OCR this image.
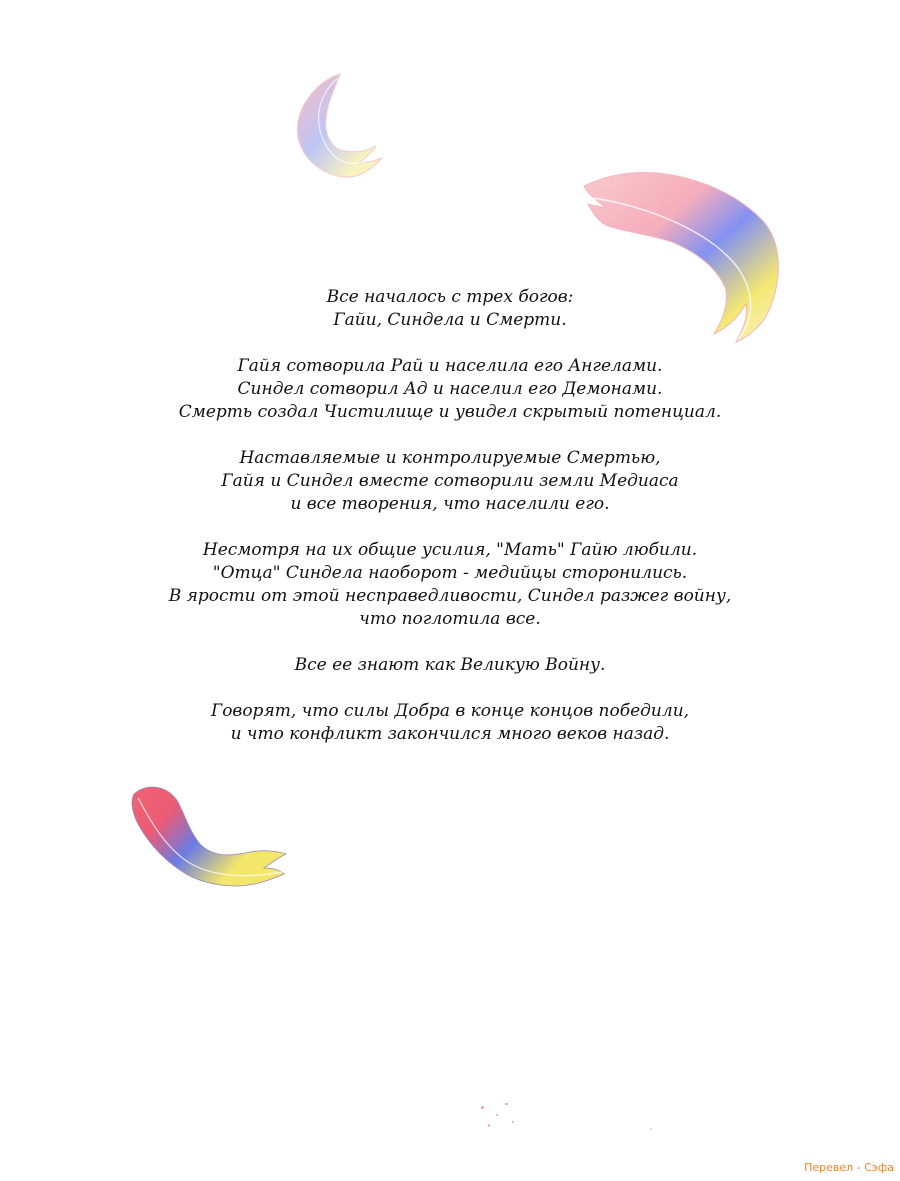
Все началось с трех богов:
Гайи, Синдела и Смерти.
Гайя сотворила Рай и населила его Ангелами.
Синдел сотворил Ад и населил его Демонами.
Смерть создал Чистилище и увидел скрытый потенциал.
Наставляемые и контролируемые Смертью,
Гайя и Синдел вместе сотворили земли Медиаса
и все творения, что населили его.
Несмотря на их общие усилия, "Мать" Гайю любили.
"Отца" Синдела наоборот - медийцы сторонились.
В ярости от этой несправедливости, Синдел разжег войну,
что поглотила все.
Все ее знают как Великую Войну.
Говорят, что силы Добра в конце концов победили,
и что конфликт закончился много веков назад.
Перевел - Сэфа
